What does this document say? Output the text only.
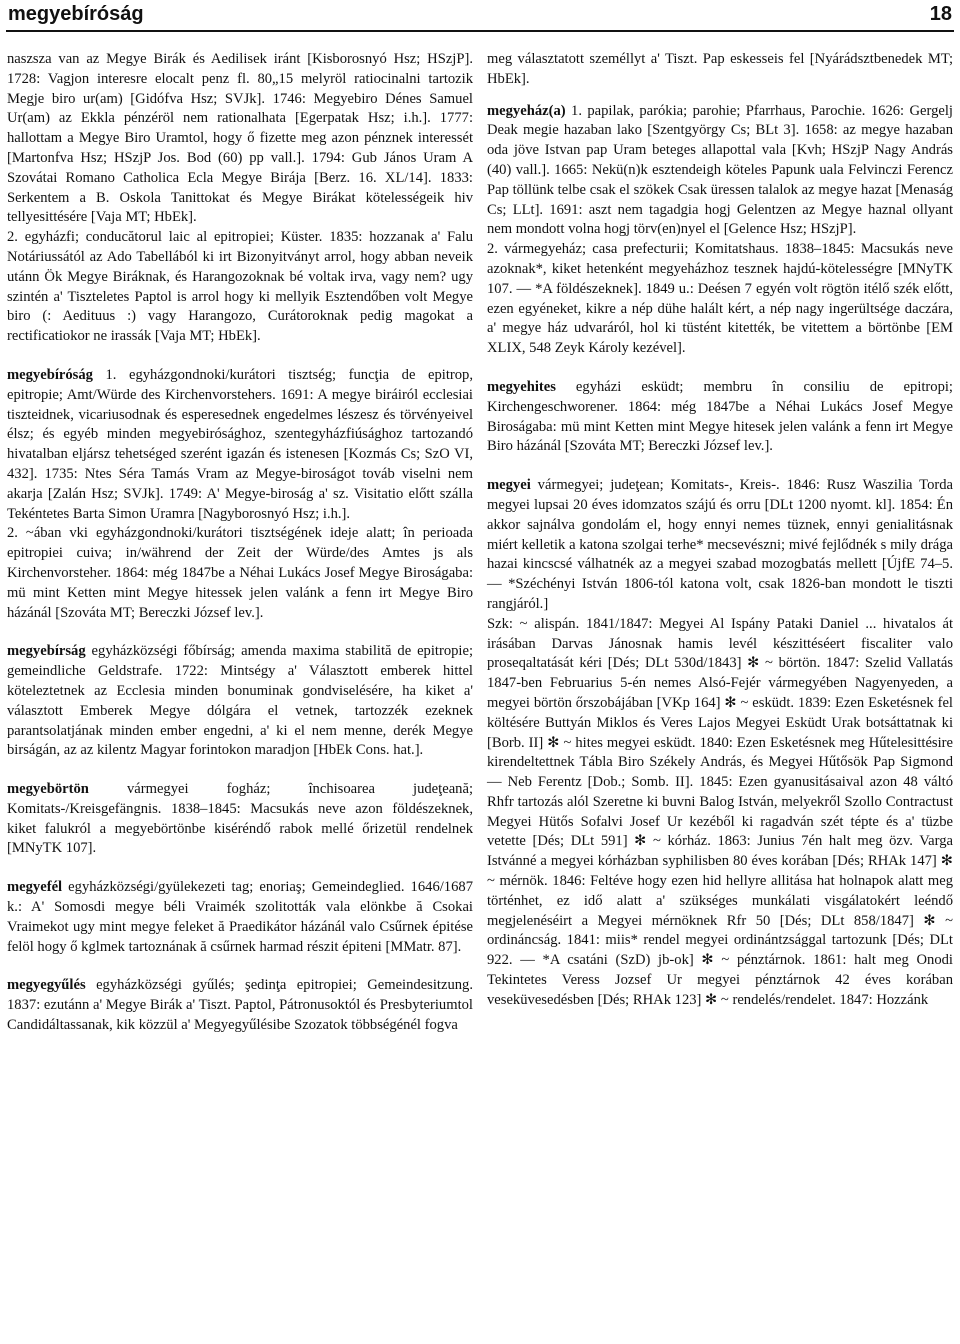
megyebíróság	18

naszsza van az Megye Birák és Aedilisek iránt [Kisborosnyó Hsz; HSzjP]. 1728: Vagjon interesre elocalt penz fl. 80„15 melyröl ratiocinalni tartozik Megje biro ur(am) [Gidófva Hsz; SVJk]. 1746: Megyebiro Dénes Samuel Ur(am) az Ekkla pénzéröl nem rationalhata [Egerpatak Hsz; i.h.]. 1777: hallottam a Megye Biro Uramtol, hogy ő fizette meg azon pénznek interessét [Martonfva Hsz; HSzjP Jos. Bod (60) pp vall.]. 1794: Gub János Uram A Szovátai Romano Catholica Ecla Megye Birája [Berz. 16. XL/14]. 1833: Serkentem a B. Oskola Tanittokat és Megye Birákat kötelességeik hiv tellyesittésére [Vaja MT; HbEk].

2. egyházfi; conducătorul laic al epitropiei; Küster. 1835: hozzanak a' Falu Notáriussától az Ado Tabellából ki irt Bizonyitványt arrol, hogy abban neveik utánn Ök Megye Biráknak, és Harangozoknak bé voltak irva, vagy nem? ugy szintén a' Tiszteletes Paptol is arrol hogy ki mellyik Esztendőben volt Megye biro (: Aedituus :) vagy Harangozo, Curátoroknak pedig magokat a rectificatiokor ne irassák [Vaja MT; HbEk].

megyebíróság 1. egyházgondnoki/kurátori tisztség; funcţia de epitrop, epitropie; Amt/Würde des Kirchenvorstehers. 1691: A megye biráiról ecclesiai tiszteidnek, vicariusodnak és esperesednek engedelmes lészesz és törvényeivel élsz; és egyéb minden megyebirósághoz, szentegyházfiúsághoz tartozandó hivatalban eljársz tehetséged szerént igazán és istenesen [Kozmás Cs; SzO VI, 432]. 1735: Ntes Séra Tamás Vram az Megye-biroságot továb viselni nem akarja [Zalán Hsz; SVJk]. 1749: A' Megye-biroság a' sz. Visitatio előtt szálla Tekéntetes Barta Simon Uramra [Nagyborosnyó Hsz; i.h.].

2. ~ában vki egyházgondnoki/kurátori tisztségének ideje alatt; în perioada epitropiei cuiva; in/während der Zeit der Würde/des Amtes js als Kirchenvorsteher. 1864: még 1847be a Néhai Lukács Josef Megye Biroságaba: mü mint Ketten mint Megye hitessek jelen valánk a fenn irt Megye Biro házánál [Szováta MT; Bereczki József lev.].

megyebírság egyházközségi főbírság; amenda maxima stabilită de epitropie; gemeindliche Geldstrafe. 1722: Mintségy a' Választott emberek hittel köteleztetnek az Ecclesia minden bonuminak gondviselésére, ha kiket a' választott Emberek Megye dólgára el vetnek, tartozzék ezeknek parantsolatjának minden ember engedni, a' ki el nem menne, derék Megye birságán, az az kilentz Magyar forintokon maradjon [HbEk Cons. hat.].

megyebörtön vármegyei fogház; închisoarea judeţeană; Komitats-/Kreisgefängnis. 1838–1845: Macsukás neve azon földészeknek, kiket falukról a megyebörtönbe kiséréndő rabok mellé őrizetül rendelnek [MNyTK 107].

megyefél egyházközségi/gyülekezeti tag; enoriaş; Gemeindeglied. 1646/1687 k.: A' Somosdi megye béli Vraimék szolitották vala elönkbe ă Csokai Vraimekot ugy mint megye feleket ă Praedikátor házánál valo Csűrnek épitése felöl hogy ő kglmek tartoznának ă csűrnek harmad részit épiteni [MMatr. 87].

megyegyűlés egyházközségi gyűlés; şedinţa epitropiei; Gemeindesitzung. 1837: ezutánn a' Megye Birák a' Tiszt. Paptol, Pátronusoktól és Presbyteriumtol Candidáltassanak, kik közzül a' Megyegyűlésibe Szozatok többségénél fogva

meg választatott személlyt a' Tiszt. Pap eskesseis fel [Nyárádsztbenedek MT; HbEk].

megyeház(a) 1. papilak, parókia; parohie; Pfarrhaus, Parochie. 1626: Gergelj Deak megie hazaban lako [Szentgyörgy Cs; BLt 3]. 1658: az megye hazaban oda jöve Istvan pap Uram beteges allapottal vala [Kvh; HSzjP Nagy András (40) vall.]. 1665: Nekü(n)k esztendeigh köteles Papunk uala Felvinczi Ferencz Pap töllünk telbe csak el szökek Csak üressen talalok az megye hazat [Menaság Cs; LLt]. 1691: aszt nem tagadgia hogj Gelentzen az Megye haznal ollyant nem mondott volna hogj törv(en)nyel el [Gelence Hsz; HSzjP].

2. vármegyeház; casa prefecturii; Komitatshaus. 1838–1845: Macsukás neve azoknak*, kiket hetenként megyeházhoz tesznek hajdú-kötelességre [MNyTK 107. — *A földészeknek]. 1849 u.: Deésen 7 egyén volt rögtön itélő szék előtt, ezen egyéneket, kikre a nép dühe halált kért, a nép nagy ingerültsége daczára, a' megye ház udvaráról, hol ki tüstént kitették, be vitettem a börtönbe [EM XLIX, 548 Zeyk Károly kezével].

megyehites egyházi esküdt; membru în consiliu de epitropi; Kirchengeschworener. 1864: még 1847be a Néhai Lukács Josef Megye Biroságaba: mü mint Ketten mint Megye hitesek jelen valánk a fenn irt Megye Biro házánál [Szováta MT; Bereczki József lev.].

megyei vármegyei; judeţean; Komitats-, Kreis-. 1846: Rusz Waszilia Torda megyei lupsai 20 éves idomzatos szájú és orru [DLt 1200 nyomt. kl]. 1854: Én akkor sajnálva gondolám el, hogy ennyi nemes tüznek, ennyi genialitásnak miért kelletik a katona szolgai terhe* mecsevészni; mivé fejlődnék s mily drága hazai kincscsé válhatnék az a megyei szabad mozogbatás mellett [ÚjfE 74–5. — *Széchényi István 1806-tól katona volt, csak 1826-ban mondott le tiszti rangjáról.]

Szk: ~ alispán. 1841/1847: Megyei Al Ispány Pataki Daniel ... hivatalos át irásában Darvas Jánosnak hamis levél készittéséert fiscaliter valo proseqaltatását kéri [Dés; DLt 530d/1843] ✻ ~ börtön. 1847: Szelid Vallatás 1847-ben Februarius 5-én nemes Alsó-Fejér vármegyében Nagyenyeden, a megyei börtön őrszobájában [VKp 164] ✻ ~ esküdt. 1839: Ezen Esketésnek fel költésére Buttyán Miklos és Veres Lajos Megyei Esküdt Urak botsáttatnak ki [Borb. II] ✻ ~ hites megyei esküdt. 1840: Ezen Esketésnek meg Hűtelesittésire kirendeltettnek Tábla Biro Székely András, és Megyei Hűtősök Pap Sigmond — Neb Ferentz [Dob.; Somb. II]. 1845: Ezen gyanusitásaival azon 48 váltó Rhfr tartozás alól Szeretne ki buvni Balog István, melyekről Szollo Contractust Megyei Hütős Sofalvi Josef Ur kezéből ki ragadván szét tépte és a' tüzbe vetette [Dés; DLt 591] ✻ ~ kórház. 1863: Junius 7én halt meg özv. Varga Istvánné a megyei kórházban syphilisben 80 éves korában [Dés; RHAk 147] ✻ ~ mérnök. 1846: Feltéve hogy ezen hid hellyre allitása hat holnapok alatt meg történhet, ez idő alatt a' szükséges munkálati visgálatokért leéndő megjelenéséirt a Megyei mérnöknek Rfr 50 [Dés; DLt 858/1847] ✻ ~ ordináncság. 1841: miis* rendel megyei ordinántzsággal tartozunk [Dés; DLt 922. — *A csatáni (SzD) jb-ok] ✻ ~ pénztárnok. 1861: halt meg Onodi Tekintetes Veress Jozsef Ur megyei pénztárnok 42 éves korában veseküvesedésben [Dés; RHAk 123] ✻ ~ rendelés/rendelet. 1847: Hozzánk
